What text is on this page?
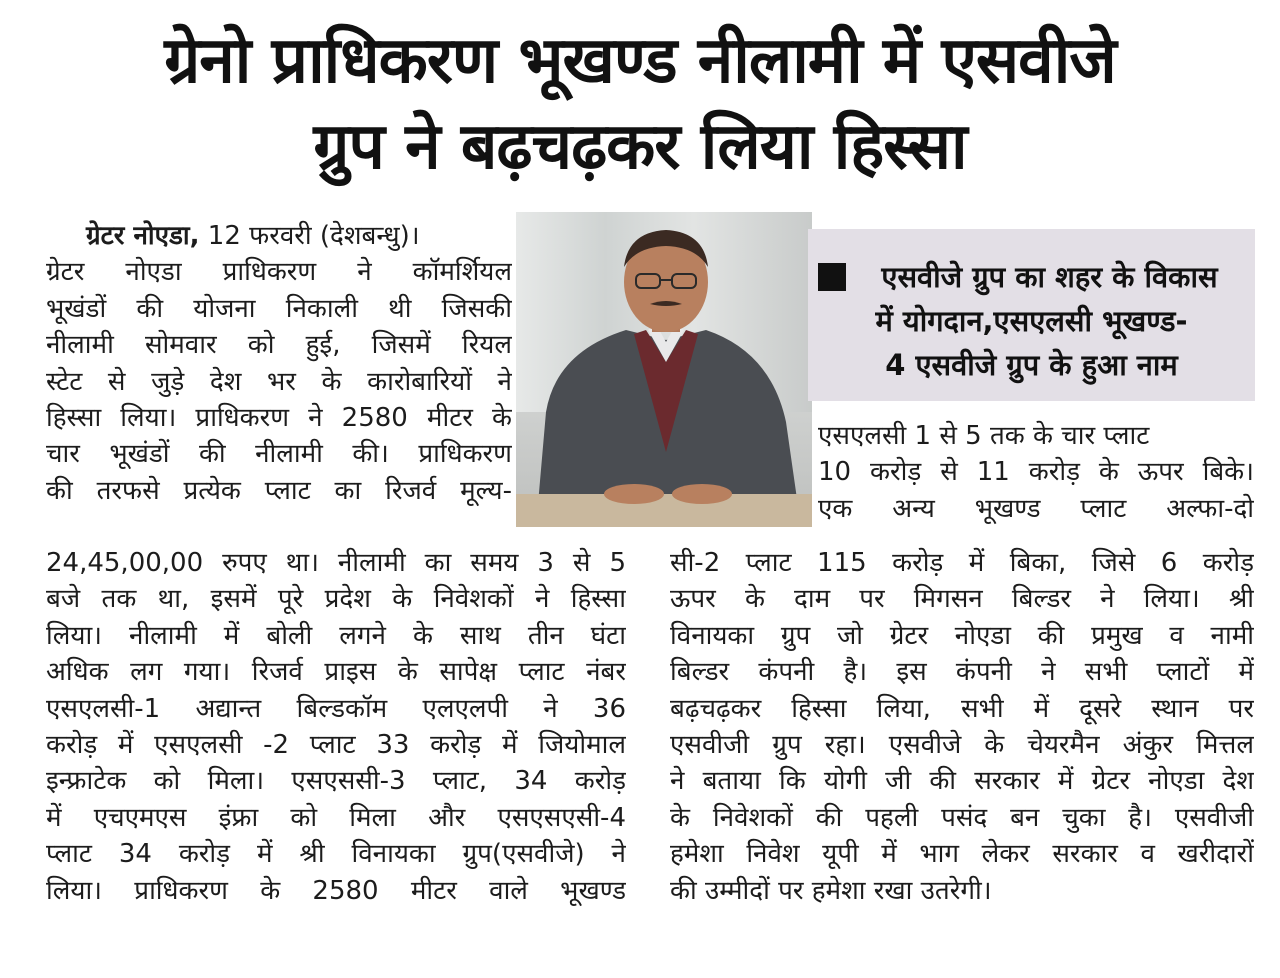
ग्रेनो प्राधिकरण भूखण्ड नीलामी में एसवीजे
ग्रुप ने बढ़चढ़कर लिया हिस्सा
ग्रेटर नोएडा, 12 फरवरी (देशबन्धु)।
ग्रेटर नोएडा प्राधिकरण ने कॉमर्शियल
भूखंडों की योजना निकाली थी जिसकी
नीलामी सोमवार को हुई, जिसमें रियल
स्टेट से जुड़े देश भर के कारोबारियों ने
हिस्सा लिया। प्राधिकरण ने 2580 मीटर के
चार भूखंडों की नीलामी की। प्राधिकरण
की तरफसे प्रत्येक प्लाट का रिजर्व मूल्य-
24,45,00,00 रुपए था। नीलामी का समय 3 से 5
बजे तक था, इसमें पूरे प्रदेश के निवेशकों ने हिस्सा
लिया। नीलामी में बोली लगने के साथ तीन घंटा
अधिक लग गया। रिजर्व प्राइस के सापेक्ष प्लाट नंबर
एसएलसी-1 अद्यान्त बिल्डकॉम एलएलपी ने 36
करोड़ में एसएलसी -2 प्लाट 33 करोड़ में जियोमाल
इन्फ्राटेक को मिला। एसएससी-3 प्लाट, 34 करोड़
में एचएमएस इंफ्रा को मिला और एसएसएसी-4
प्लाट 34 करोड़ में श्री विनायका ग्रुप(एसवीजे) ने
लिया। प्राधिकरण के 2580 मीटर वाले भूखण्ड
एसवीजे ग्रुप का शहर के विकास
में योगदान,एसएलसी भूखण्ड-
4 एसवीजे ग्रुप के हुआ नाम
एसएलसी 1 से 5 तक के चार प्लाट
10 करोड़ से 11 करोड़ के ऊपर बिके।
एक अन्य भूखण्ड प्लाट अल्फा-दो
सी-2 प्लाट 115 करोड़ में बिका, जिसे 6 करोड़
ऊपर के दाम पर मिगसन बिल्डर ने लिया। श्री
विनायका ग्रुप जो ग्रेटर नोएडा की प्रमुख व नामी
बिल्डर कंपनी है। इस कंपनी ने सभी प्लाटों में
बढ़चढ़कर हिस्सा लिया, सभी में दूसरे स्थान पर
एसवीजी ग्रुप रहा। एसवीजे के चेयरमैन अंकुर मित्तल
ने बताया कि योगी जी की सरकार में ग्रेटर नोएडा देश
के निवेशकों की पहली पसंद बन चुका है। एसवीजी
हमेशा निवेश यूपी में भाग लेकर सरकार व खरीदारों
की उम्मीदों पर हमेशा रखा उतरेगी।
